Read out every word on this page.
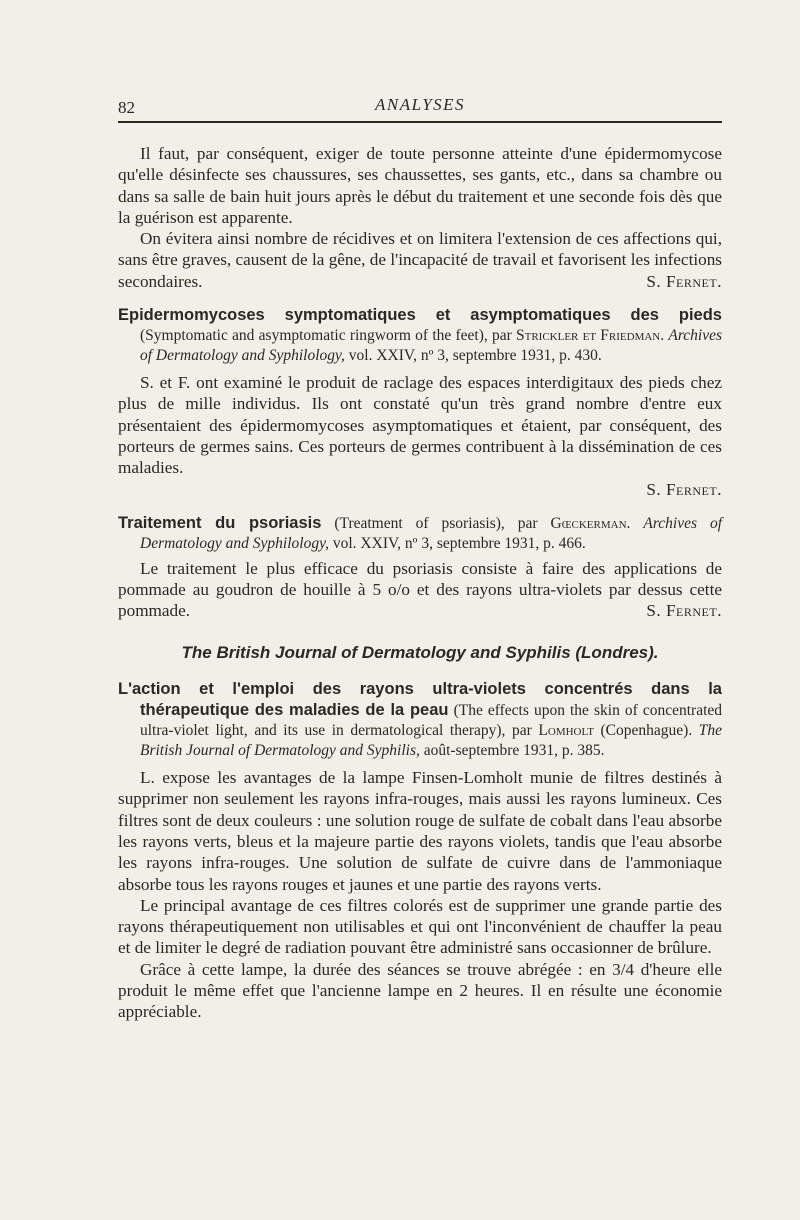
82	ANALYSES

Il faut, par conséquent, exiger de toute personne atteinte d'une épidermomycose qu'elle désinfecte ses chaussures, ses chaussettes, ses gants, etc., dans sa chambre ou dans sa salle de bain huit jours après le début du traitement et une seconde fois dès que la guérison est apparente.

On évitera ainsi nombre de récidives et on limitera l'extension de ces affections qui, sans être graves, causent de la gêne, de l'incapacité de travail et favorisent les infections secondaires.	S. Fernet.

Epidermomycoses symptomatiques et asymptomatiques des pieds (Symptomatic and asymptomatic ringworm of the feet), par Strickler et Friedman. Archives of Dermatology and Syphilology, vol. XXIV, nº 3, septembre 1931, p. 430.

S. et F. ont examiné le produit de raclage des espaces interdigitaux des pieds chez plus de mille individus. Ils ont constaté qu'un très grand nombre d'entre eux présentaient des épidermomycoses asymptomatiques et étaient, par conséquent, des porteurs de germes sains. Ces porteurs de germes contribuent à la dissémination de ces maladies.

S. Fernet.
Traitement du psoriasis (Treatment of psoriasis), par Gœckerman. Archives of Dermatology and Syphilology, vol. XXIV, nº 3, septembre 1931, p. 466.

Le traitement le plus efficace du psoriasis consiste à faire des applications de pommade au goudron de houille à 5 o/o et des rayons ultra-violets par dessus cette pommade.	S. Fernet.

The British Journal of Dermatology and Syphilis (Londres).
L'action et l'emploi des rayons ultra-violets concentrés dans la thérapeutique des maladies de la peau (The effects upon the skin of concentrated ultra-violet light, and its use in dermatological therapy), par Lomholt (Copenhague). The British Journal of Dermatology and Syphilis, août-septembre 1931, p. 385.

L. expose les avantages de la lampe Finsen-Lomholt munie de filtres destinés à supprimer non seulement les rayons infra-rouges, mais aussi les rayons lumineux. Ces filtres sont de deux couleurs : une solution rouge de sulfate de cobalt dans l'eau absorbe les rayons verts, bleus et la majeure partie des rayons violets, tandis que l'eau absorbe les rayons infra-rouges. Une solution de sulfate de cuivre dans de l'ammoniaque absorbe tous les rayons rouges et jaunes et une partie des rayons verts.

Le principal avantage de ces filtres colorés est de supprimer une grande partie des rayons thérapeutiquement non utilisables et qui ont l'inconvénient de chauffer la peau et de limiter le degré de radiation pouvant être administré sans occasionner de brûlure.

Grâce à cette lampe, la durée des séances se trouve abrégée : en 3/4 d'heure elle produit le même effet que l'ancienne lampe en 2 heures. Il en résulte une économie appréciable.
